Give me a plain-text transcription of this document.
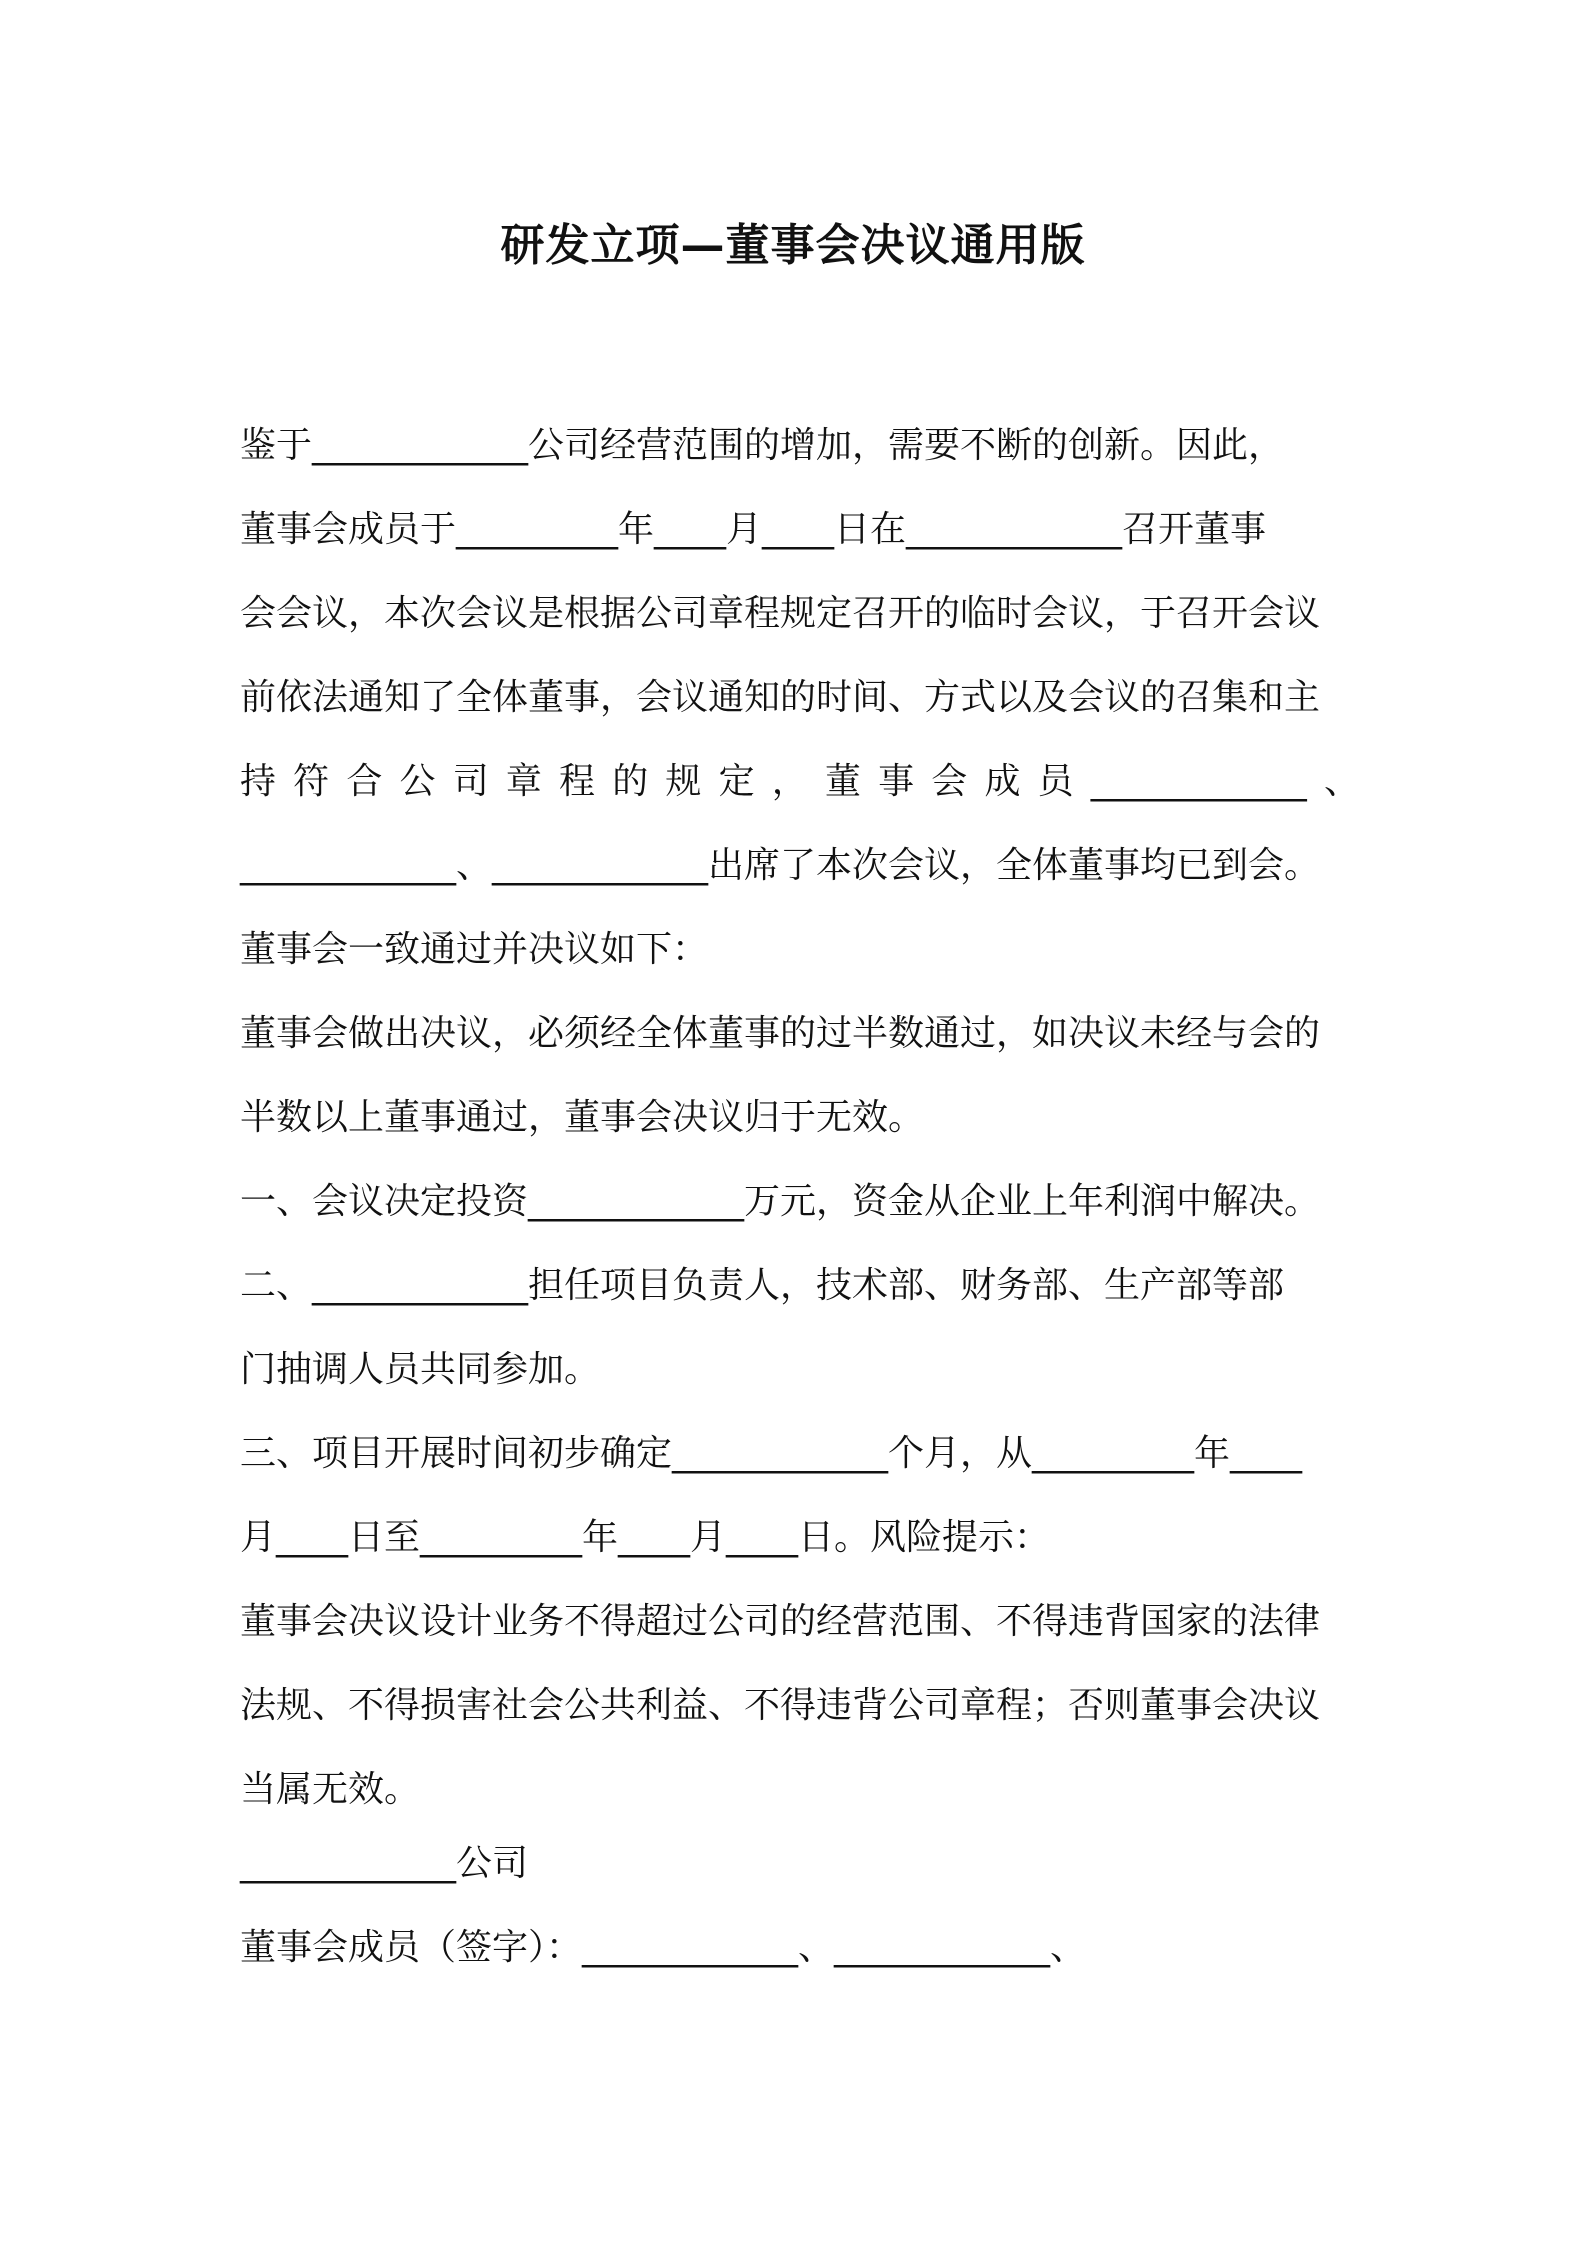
研发立项—董事会决议通用版
鉴于____________公司经营范围的增加，需要不断的创新。因此，
董事会成员于_________年____月____日在____________召开董事
会会议，本次会议是根据公司章程规定召开的临时会议，于召开会议
前依法通知了全体董事，会议通知的时间、方式以及会议的召集和主
持符合公司章程的规定，董事会成员____________、
____________、____________出席了本次会议，全体董事均已到会。
董事会一致通过并决议如下：
董事会做出决议，必须经全体董事的过半数通过，如决议未经与会的
半数以上董事通过，董事会决议归于无效。
一、会议决定投资____________万元，资金从企业上年利润中解决。
二、____________担任项目负责人，技术部、财务部、生产部等部
门抽调人员共同参加。
三、项目开展时间初步确定____________个月，从_________年____
月____日至_________年____月____日。风险提示：
董事会决议设计业务不得超过公司的经营范围、不得违背国家的法律
法规、不得损害社会公共利益、不得违背公司章程；否则董事会决议
当属无效。
____________公司
董事会成员（签字）：____________、____________、
